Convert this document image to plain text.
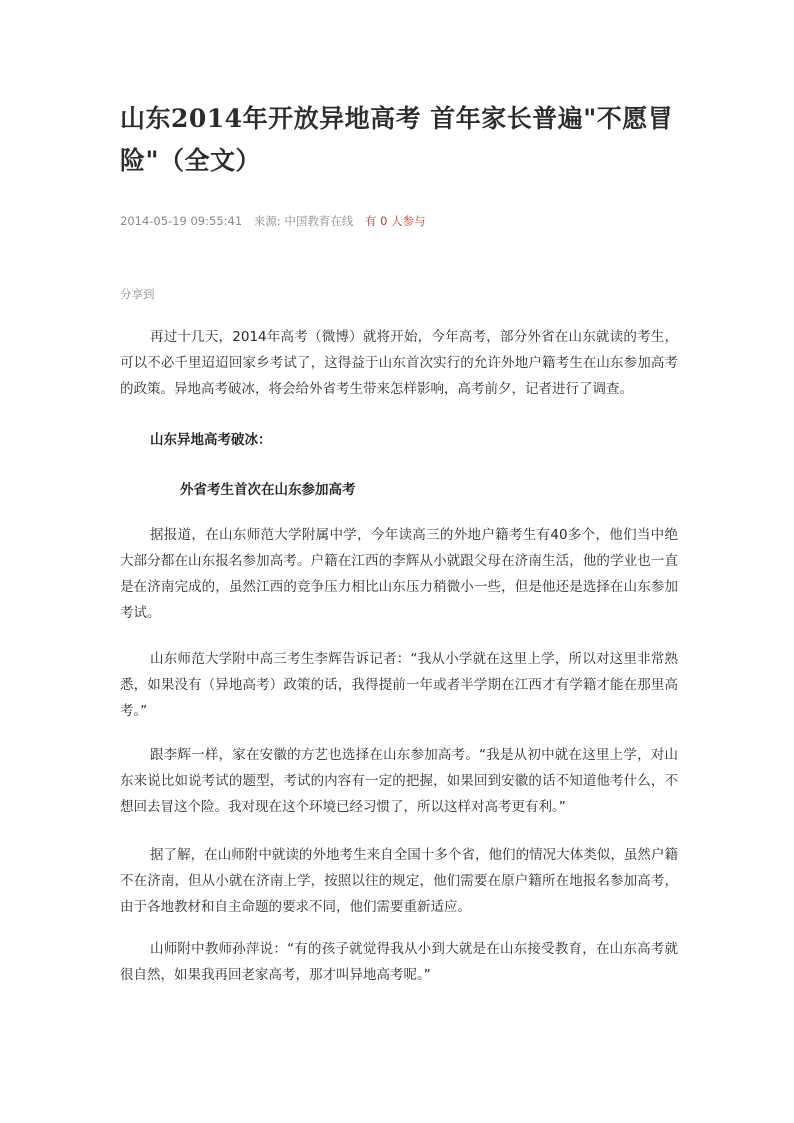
山东2014年开放异地高考 首年家长普遍"不愿冒险"（全文）
2014-05-19 09:55:41 来源: 中国教育在线 有 0 人参与
分享到

再过十几天，2014年高考（微博）就将开始，今年高考，部分外省在山东就读的考生，可以不必千里迢迢回家乡考试了，这得益于山东首次实行的允许外地户籍考生在山东参加高考的政策。异地高考破冰，将会给外省考生带来怎样影响，高考前夕，记者进行了调查。

山东异地高考破冰：

外省考生首次在山东参加高考

据报道，在山东师范大学附属中学，今年读高三的外地户籍考生有40多个，他们当中绝大部分都在山东报名参加高考。户籍在江西的李辉从小就跟父母在济南生活，他的学业也一直是在济南完成的，虽然江西的竞争压力相比山东压力稍微小一些，但是他还是选择在山东参加考试。

山东师范大学附中高三考生李辉告诉记者：“我从小学就在这里上学，所以对这里非常熟悉，如果没有（异地高考）政策的话，我得提前一年或者半学期在江西才有学籍才能在那里高考。”

跟李辉一样，家在安徽的方艺也选择在山东参加高考。“我是从初中就在这里上学，对山东来说比如说考试的题型，考试的内容有一定的把握，如果回到安徽的话不知道他考什么，不想回去冒这个险。我对现在这个环境已经习惯了，所以这样对高考更有利。”

据了解，在山师附中就读的外地考生来自全国十多个省，他们的情况大体类似，虽然户籍不在济南，但从小就在济南上学，按照以往的规定，他们需要在原户籍所在地报名参加高考，由于各地教材和自主命题的要求不同，他们需要重新适应。

山师附中教师孙萍说：“有的孩子就觉得我从小到大就是在山东接受教育，在山东高考就很自然，如果我再回老家高考，那才叫异地高考呢。”
